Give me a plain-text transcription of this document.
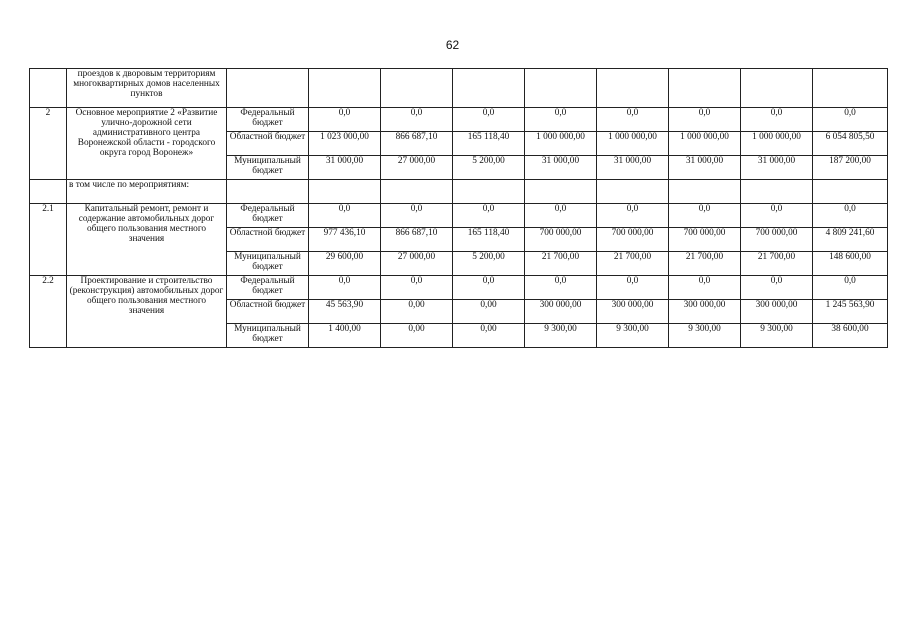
62
	проездов к дворовым территориям многоквартирных домов населенных пунктов									
2	Основное мероприятие 2 «Развитие улично-дорожной сети административного центра Воронежской области - городского округа город Воронеж»	Федеральный бюджет	0,0	0,0	0,0	0,0	0,0	0,0	0,0	0,0
		Областной бюджет	1 023 000,00	866 687,10	165 118,40	1 000 000,00	1 000 000,00	1 000 000,00	1 000 000,00	6 054 805,50
		Муниципальный бюджет	31 000,00	27 000,00	5 200,00	31 000,00	31 000,00	31 000,00	31 000,00	187 200,00
	в том числе по мероприятиям:									
2.1	Капитальный ремонт, ремонт и содержание автомобильных дорог общего пользования местного значения	Федеральный бюджет	0,0	0,0	0,0	0,0	0,0	0,0	0,0	0,0
		Областной бюджет	977 436,10	866 687,10	165 118,40	700 000,00	700 000,00	700 000,00	700 000,00	4 809 241,60
		Муниципальный бюджет	29 600,00	27 000,00	5 200,00	21 700,00	21 700,00	21 700,00	21 700,00	148 600,00
2.2	Проектирование и строительство (реконструкция) автомобильных дорог общего пользования местного значения	Федеральный бюджет	0,0	0,0	0,0	0,0	0,0	0,0	0,0	0,0
		Областной бюджет	45 563,90	0,00	0,00	300 000,00	300 000,00	300 000,00	300 000,00	1 245 563,90
		Муниципальный бюджет	1 400,00	0,00	0,00	9 300,00	9 300,00	9 300,00	9 300,00	38 600,00
